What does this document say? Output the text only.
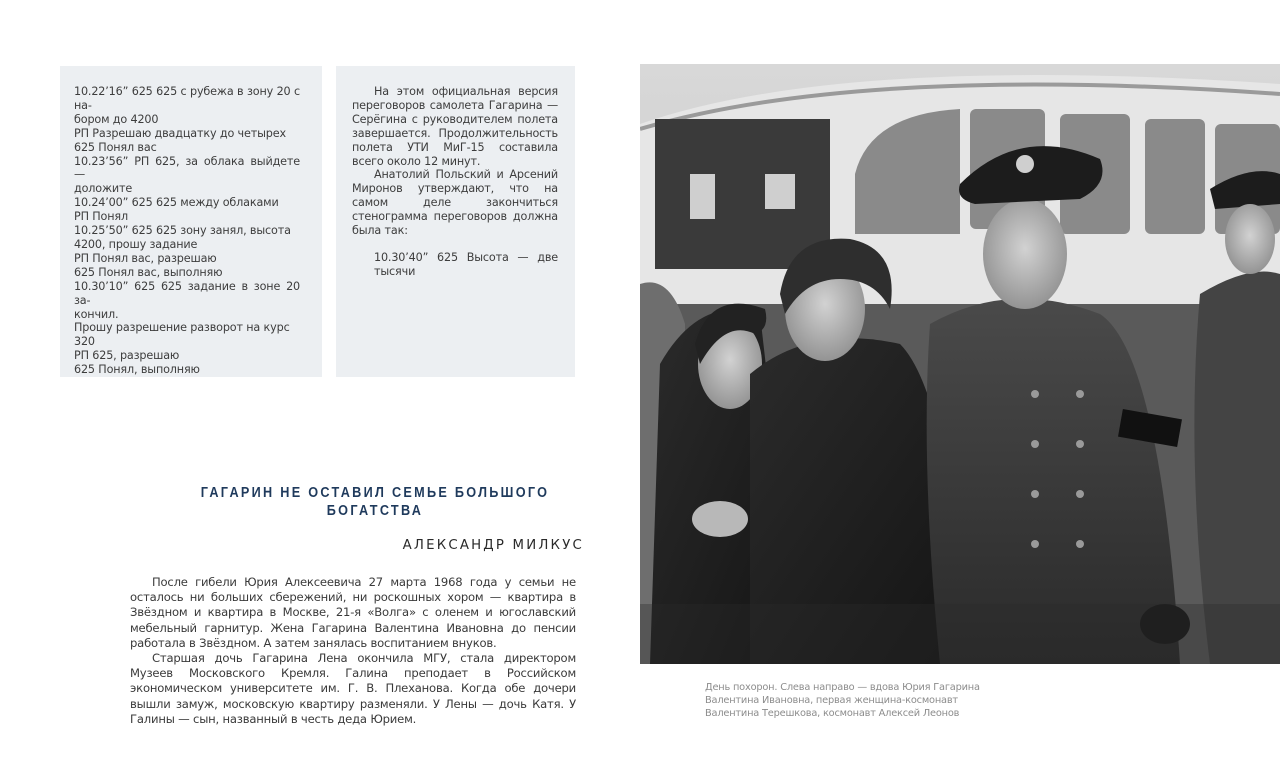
10.22’16” 625 625 с рубежа в зону 20 с на-
бором до 4200
РП Разрешаю двадцатку до четырех
625 Понял вас
10.23’56” РП 625, за облака выйдете —
доложите
10.24’00” 625 625 между облаками
РП Понял
10.25’50” 625 625 зону занял, высота
4200, прошу задание
РП Понял вас, разрешаю
625 Понял вас, выполняю
10.30’10” 625 625 задание в зоне 20 за-
кончил.
Прошу разрешение разворот на курс
320
РП 625, разрешаю
625 Понял, выполняю

На этом официальная версия переговоров самолета Гагарина — Серёгина с руководителем полета завершается. Продолжительность полета УТИ МиГ-15 составила всего около 12 минут.

Анатолий Польский и Арсений Миронов утверждают, что на самом деле закончиться стенограмма переговоров должна была так:

10.30’40” 625 Высота — две тысячи

ГАГАРИН НЕ ОСТАВИЛ СЕМЬЕ БОЛЬШОГО
БОГАТСТВА
АЛЕКСАНДР МИЛКУС

После гибели Юрия Алексеевича 27 марта 1968 года у семьи не осталось ни больших сбережений, ни роскошных хором — квартира в Звёздном и квартира в Москве, 21-я «Волга» с оленем и югославский мебельный гарнитур. Жена Гагарина Валентина Ивановна до пенсии работала в Звёздном. А затем занялась воспитанием внуков.

Старшая дочь Гагарина Лена окончила МГУ, стала директором Музеев Московского Кремля. Галина преподает в Российском экономическом университете им. Г. В. Плеханова. Когда обе дочери вышли замуж, московскую квартиру разменяли. У Лены — дочь Катя. У Галины — сын, названный в честь деда Юрием.

День похорон. Слева направо — вдова Юрия Гагарина
Валентина Ивановна, первая женщина-космонавт
Валентина Терешкова, космонавт Алексей Леонов
